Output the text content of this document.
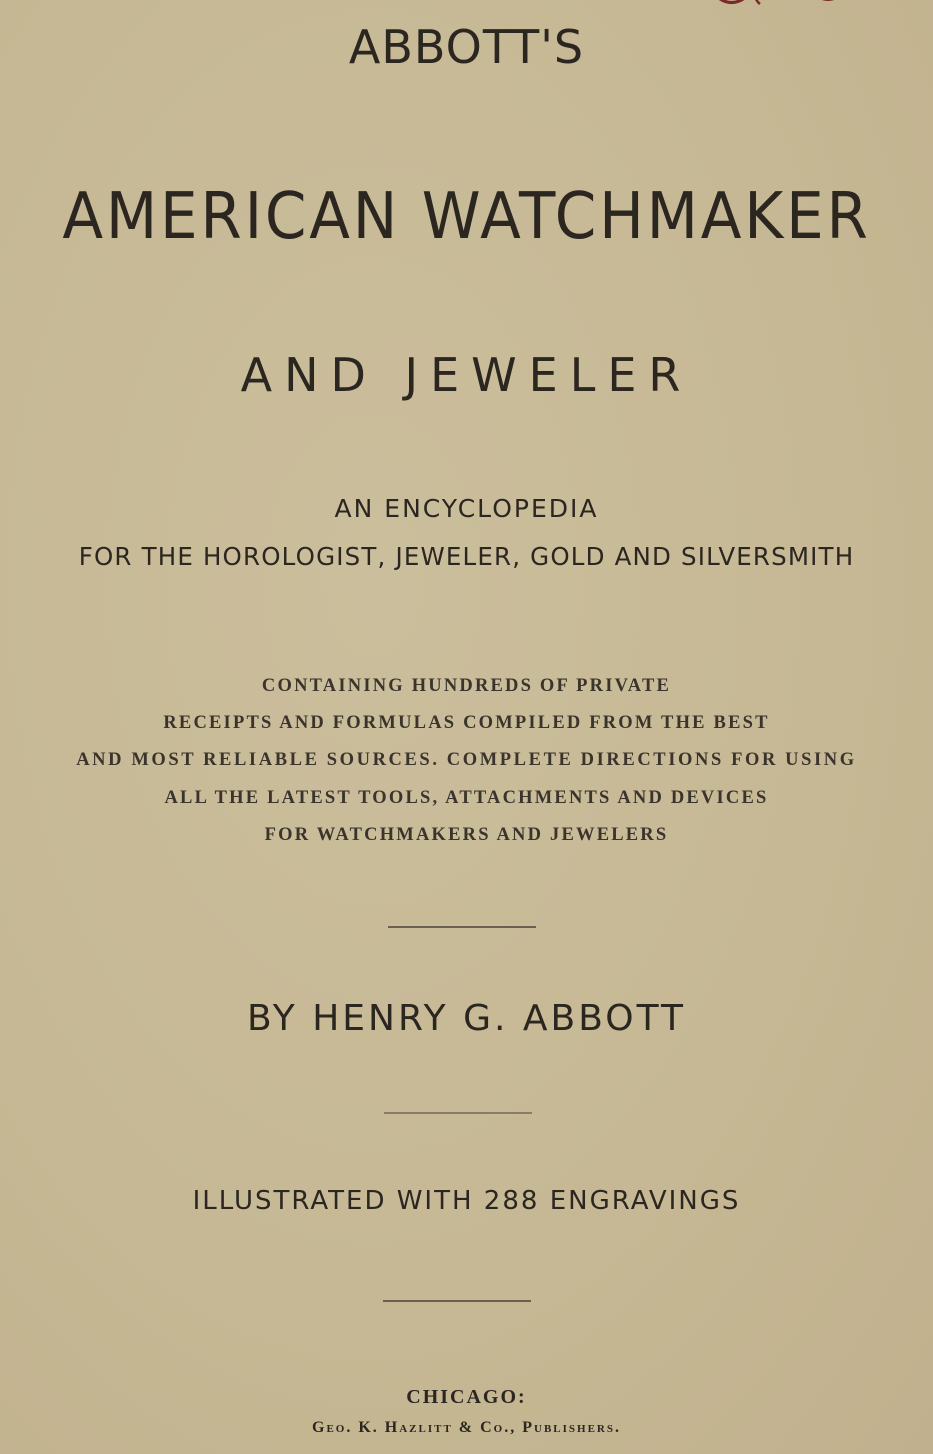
ABBOTT'S
AMERICAN WATCHMAKER
AND JEWELER
AN ENCYCLOPEDIA
FOR THE HOROLOGIST, JEWELER, GOLD AND SILVERSMITH
CONTAINING HUNDREDS OF PRIVATE
RECEIPTS AND FORMULAS COMPILED FROM THE BEST
AND MOST RELIABLE SOURCES. COMPLETE DIRECTIONS FOR USING
ALL THE LATEST TOOLS, ATTACHMENTS AND DEVICES
FOR WATCHMAKERS AND JEWELERS
BY HENRY G. ABBOTT
ILLUSTRATED WITH 288 ENGRAVINGS
CHICAGO:
Geo. K. Hazlitt & Co., Publishers.
